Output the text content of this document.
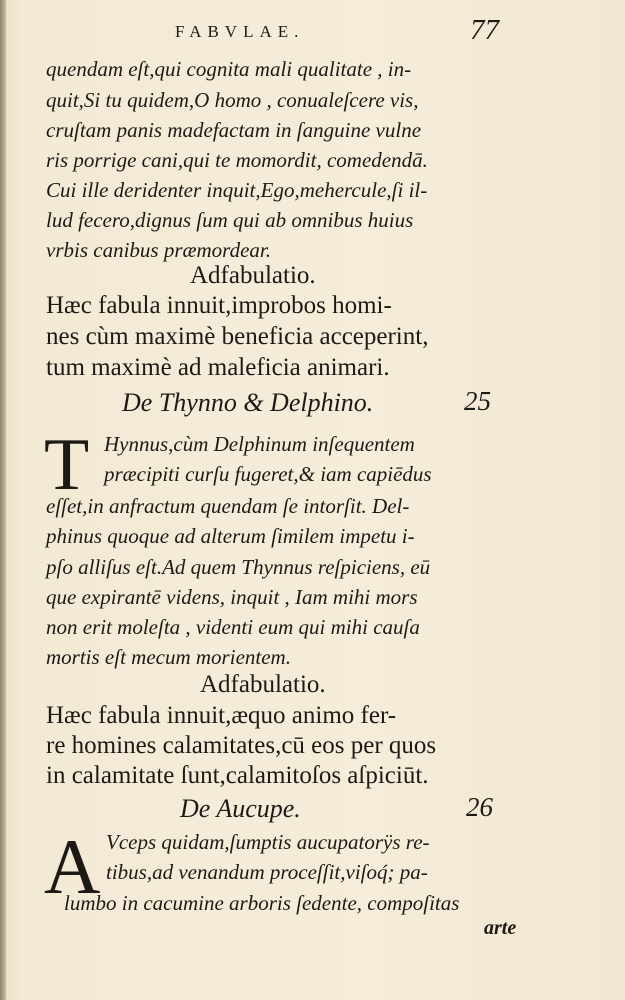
FABVLAE.	77
quendam eſt,qui cognita mali qualitate , in-
quit,Si tu quidem,O homo , conualeſcere vis,
cruſtam panis madefactam in ſanguine vulne
ris porrige cani,qui te momordit, comedendā.
Cui ille deridenter inquit,Ego,mehercule,ſi il-
lud fecero,dignus ſum qui ab omnibus huius
vrbis canibus præmordear.
Adfabulatio.
Hæc fabula innuit,improbos homi-
nes cùm maximè beneficia acceperint,
tum maximè ad maleficia animari.
De Thynno & Delphino.	25
T Hynnus,cùm Delphinum inſequentem
præcipiti curſu fugeret,& iam capiēdus
eſſet,in anfractum quendam ſe intorſit. Del-
phinus quoque ad alterum ſimilem impetu i-
pſo alliſus eſt.Ad quem Thynnus reſpiciens, eū
que expirantē videns, inquit , Iam mihi mors
non erit moleſta , videnti eum qui mihi cauſa
mortis eſt mecum morientem.
Adfabulatio.
Hæc fabula innuit,æquo animo fer-
re homines calamitates,cū eos per quos
in calamitate ſunt,calamitoſos aſpiciūt.
De Aucupe.	26
A Vceps quidam,ſumptis aucupatorÿs re-
tibus,ad venandum proceſſit,viſoq́; pa-
lumbo in cacumine arboris ſedente, compoſitas
arte
